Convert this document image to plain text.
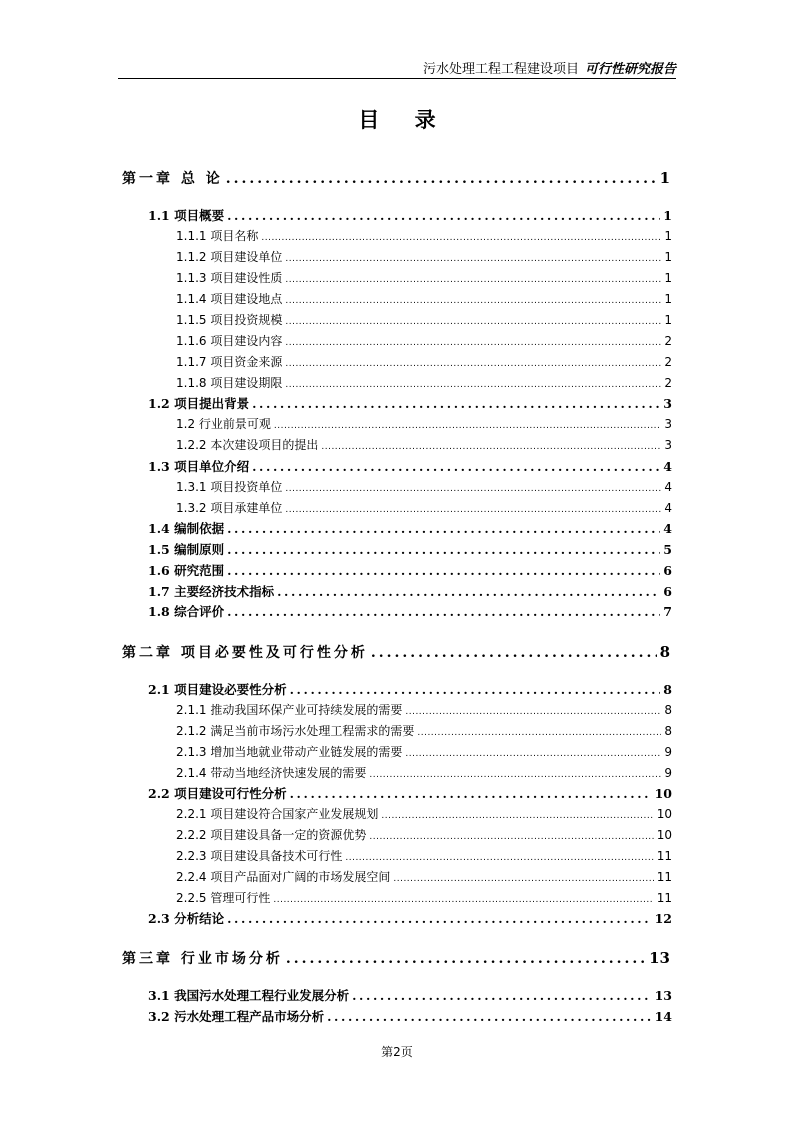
污水处理工程工程建设项目 可行性研究报告
目 录
第一章 总 论 .....	1
1.1 项目概要 .....	1
1.1.1 项目名称 .....	1
1.1.2 项目建设单位 .....	1
1.1.3 项目建设性质 .....	1
1.1.4 项目建设地点 .....	1
1.1.5 项目投资规模 .....	1
1.1.6 项目建设内容 .....	2
1.1.7 项目资金来源 .....	2
1.1.8 项目建设期限 .....	2
1.2 项目提出背景 .....	3
1.2 行业前景可观 .....	3
1.2.2 本次建设项目的提出 .....	3
1.3 项目单位介绍 .....	4
1.3.1 项目投资单位 .....	4
1.3.2 项目承建单位 .....	4
1.4 编制依据 .....	4
1.5 编制原则 .....	5
1.6 研究范围 .....	6
1.7 主要经济技术指标 .....	6
1.8 综合评价 .....	7
第二章 项目必要性及可行性分析 .....	8
2.1 项目建设必要性分析 .....	8
2.1.1 推动我国环保产业可持续发展的需要 .....	8
2.1.2 满足当前市场污水处理工程需求的需要 .....	8
2.1.3 增加当地就业带动产业链发展的需要 .....	9
2.1.4 带动当地经济快速发展的需要 .....	9
2.2 项目建设可行性分析 .....	10
2.2.1 项目建设符合国家产业发展规划 .....	10
2.2.2 项目建设具备一定的资源优势 .....	10
2.2.3 项目建设具备技术可行性 .....	11
2.2.4 项目产品面对广阔的市场发展空间 .....	11
2.2.5 管理可行性 .....	11
2.3 分析结论 .....	12
第三章 行业市场分析 .....	13
3.1 我国污水处理工程行业发展分析 .....	13
3.2 污水处理工程产品市场分析 .....	14
第2页
